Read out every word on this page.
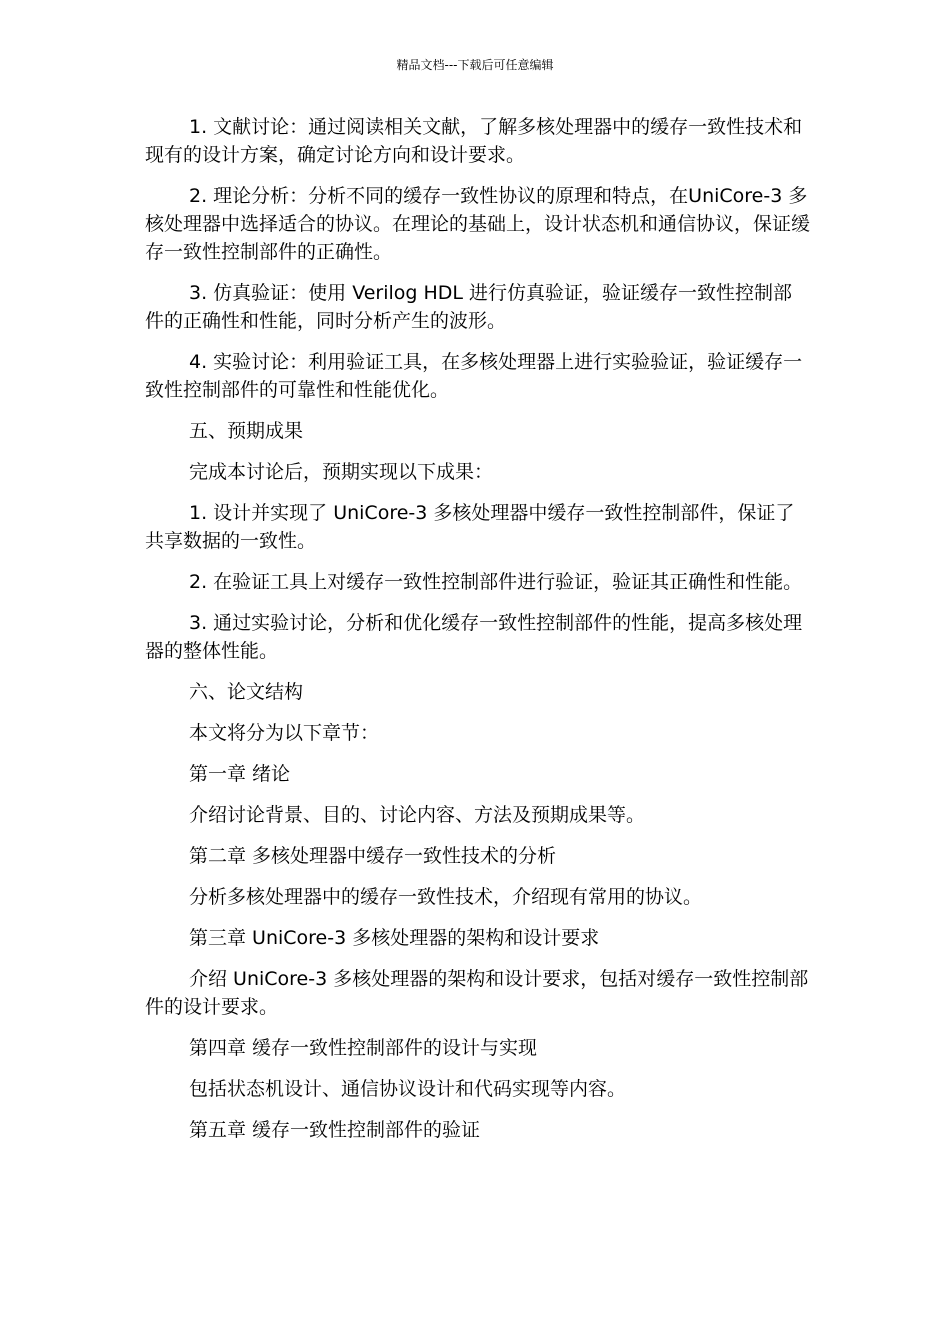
精品文档---下载后可任意编辑

1. 文献讨论：通过阅读相关文献，了解多核处理器中的缓存一致性技术和现有的设计方案，确定讨论方向和设计要求。

2. 理论分析：分析不同的缓存一致性协议的原理和特点，在UniCore-3 多核处理器中选择适合的协议。在理论的基础上，设计状态机和通信协议，保证缓存一致性控制部件的正确性。

3. 仿真验证：使用 Verilog HDL 进行仿真验证，验证缓存一致性控制部件的正确性和性能，同时分析产生的波形。

4. 实验讨论：利用验证工具，在多核处理器上进行实验验证，验证缓存一致性控制部件的可靠性和性能优化。

五、预期成果

完成本讨论后，预期实现以下成果：

1. 设计并实现了 UniCore-3 多核处理器中缓存一致性控制部件，保证了共享数据的一致性。

2. 在验证工具上对缓存一致性控制部件进行验证，验证其正确性和性能。

3. 通过实验讨论，分析和优化缓存一致性控制部件的性能，提高多核处理器的整体性能。

六、论文结构

本文将分为以下章节：

第一章 绪论

介绍讨论背景、目的、讨论内容、方法及预期成果等。

第二章 多核处理器中缓存一致性技术的分析

分析多核处理器中的缓存一致性技术，介绍现有常用的协议。

第三章 UniCore-3 多核处理器的架构和设计要求

介绍 UniCore-3 多核处理器的架构和设计要求，包括对缓存一致性控制部件的设计要求。

第四章 缓存一致性控制部件的设计与实现

包括状态机设计、通信协议设计和代码实现等内容。

第五章 缓存一致性控制部件的验证
